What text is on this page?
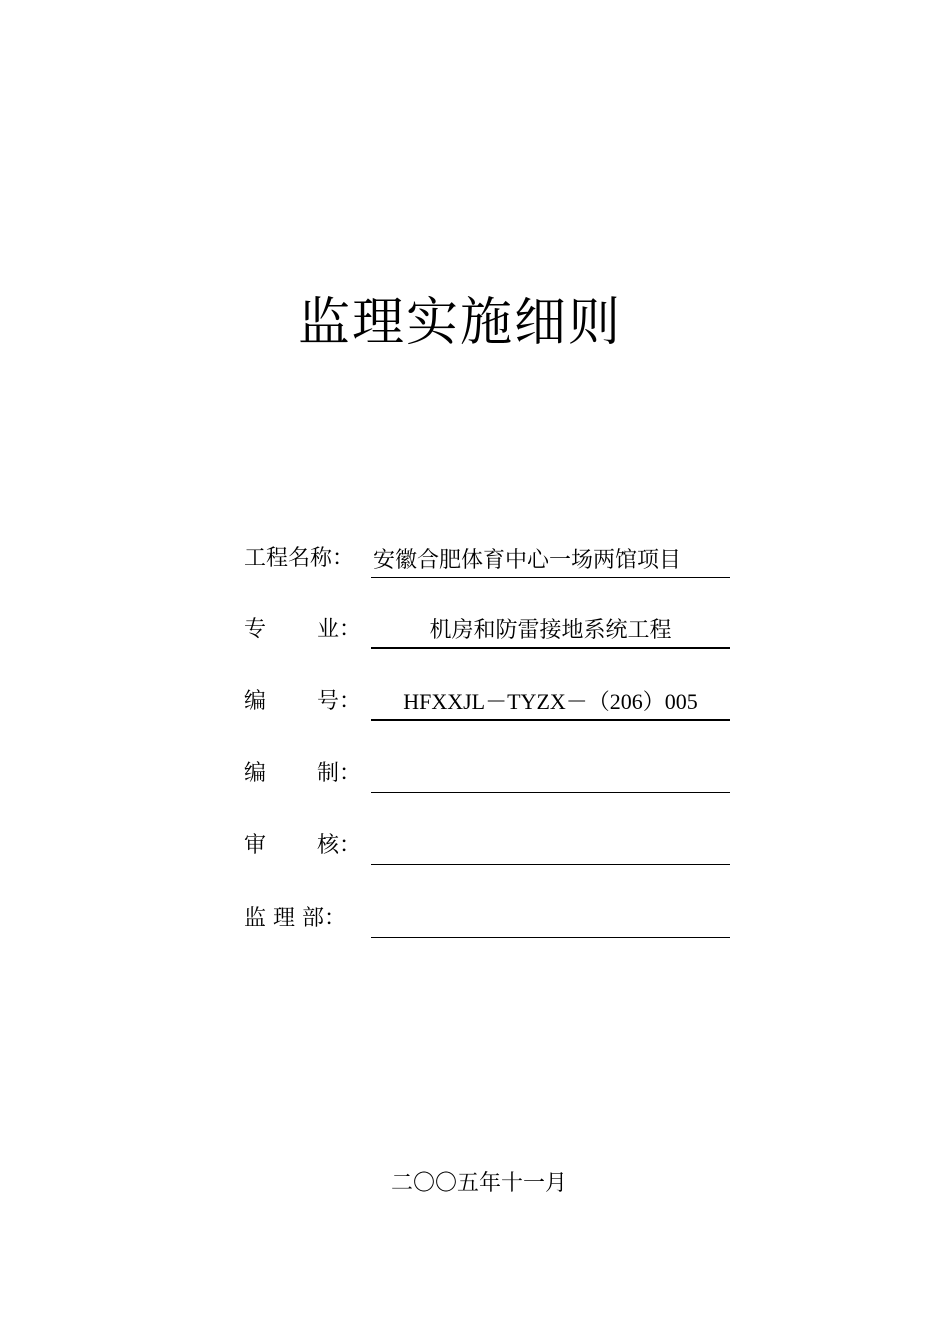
监理实施细则
工程名称： 安徽合肥体育中心一场两馆项目
专　　 业：	机房和防雷接地系统工程
编　　 号：	HFXXJL－TYZX－（206）005
编　　 制：
审　　 核：
监 理 部：
二〇〇五年十一月
